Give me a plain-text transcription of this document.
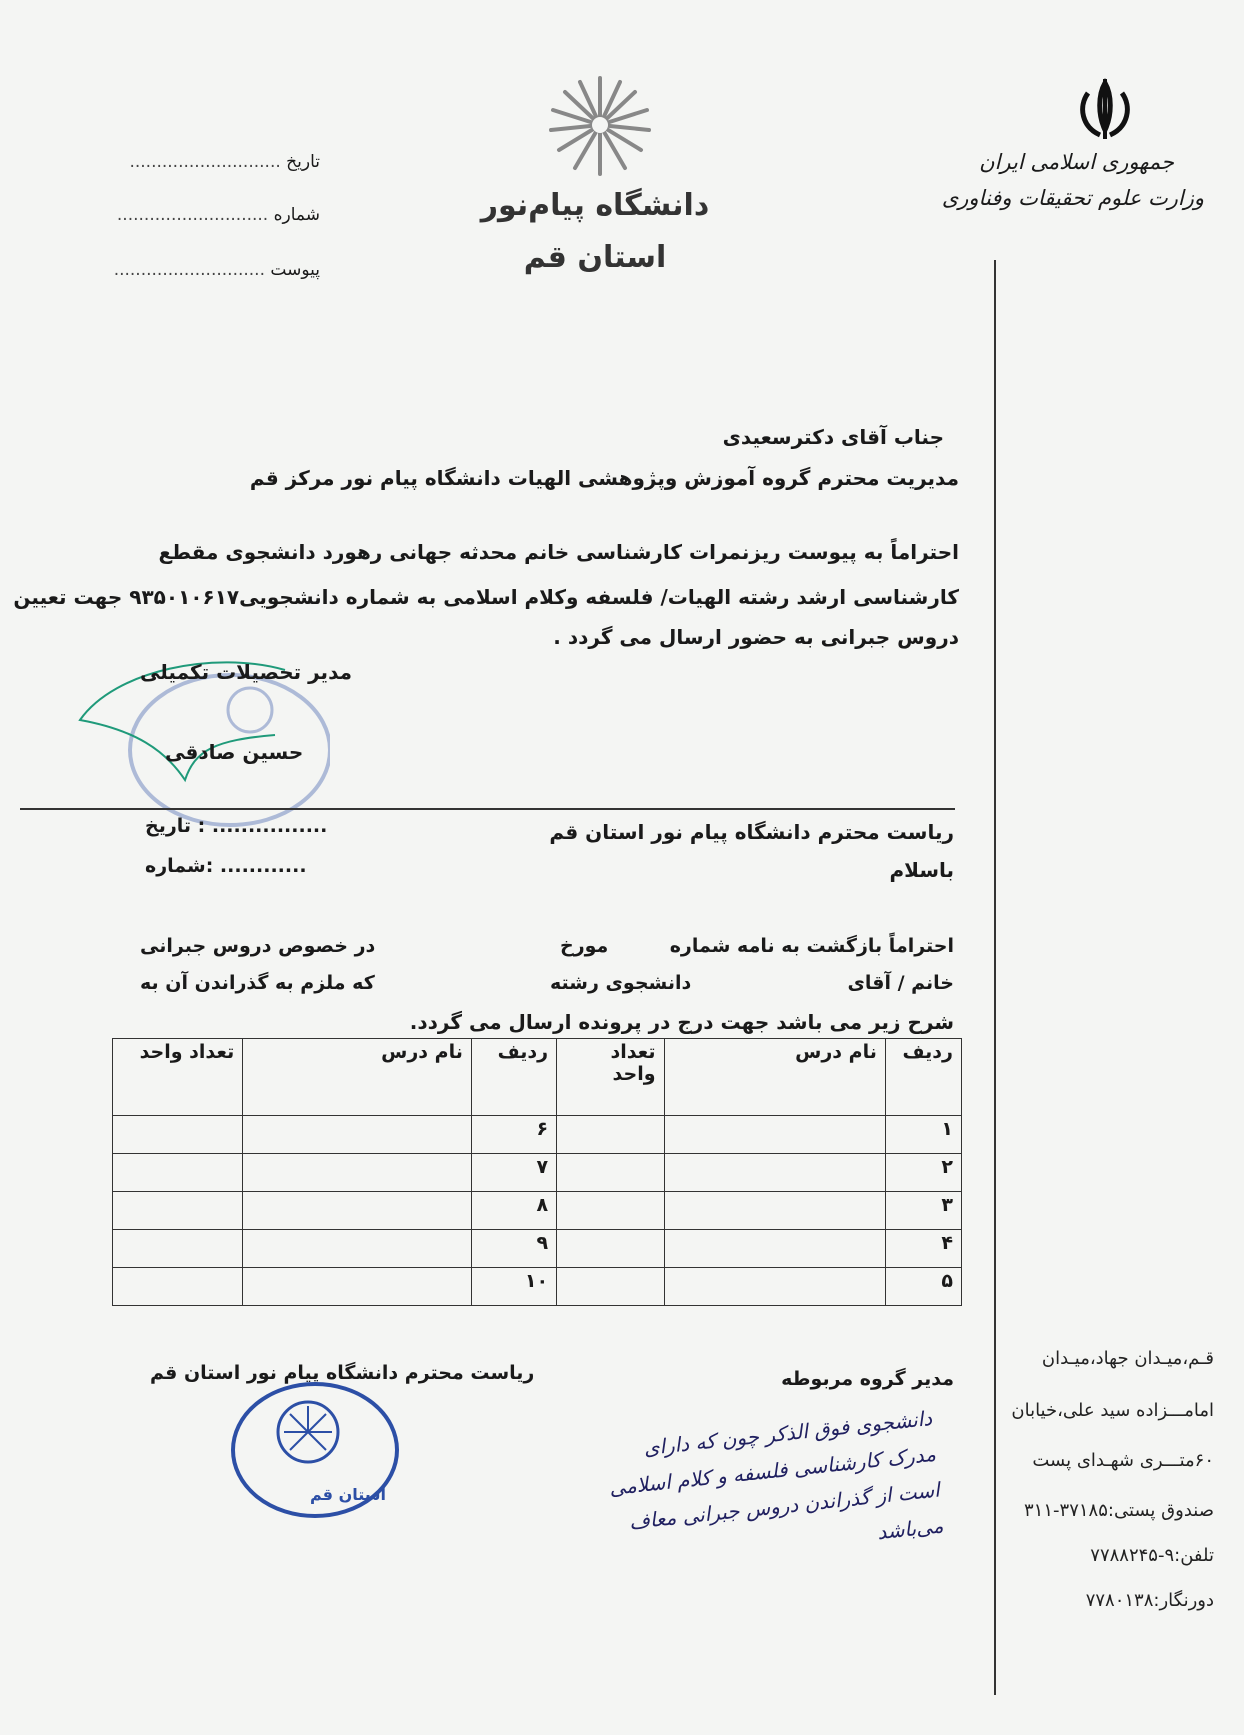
جمهوری اسلامی ایران
وزارت علوم تحقیقات وفناوری
دانشگاه پیام‌نور
استان قم
تاریخ ............................
شماره ............................
پیوست ............................
قـم،میـدان جهاد،میـدان
امامـــزاده سید علی،خیابان
۶۰متـــری شهـدای پست
صندوق پستی:۳۷۱۸۵-۳۱۱
تلفن:۹-۷۷۸۸۲۴۵
دورنگار:۷۷۸۰۱۳۸
جناب آقای دکترسعیدی
مدیریت محترم گروه آموزش وپژوهشی الهیات دانشگاه پیام نور مرکز قم
احتراماً به پیوست ریزنمرات کارشناسی خانم محدثه جهانی رهورد دانشجوی مقطع
کارشناسی ارشد رشته الهیات/ فلسفه وکلام اسلامی به شماره دانشجویی۹۳۵۰۱۰۶۱۷ جهت تعیین
دروس جبرانی به حضور ارسال می گردد .
مدیر تحصیلات تکمیلی
حسین صادقی
تاریخ : ................
شماره: ............
ریاست محترم دانشگاه پیام نور استان قم
باسلام
احتراماً بازگشت به نامه شماره
مورخ
در خصوص دروس جبرانی
خانم / آقای
دانشجوی رشته
که ملزم به گذراندن آن به
شرح زیر می باشد جهت درج در پرونده ارسال می گردد.
ردیف	نام درس	تعداد واحد	ردیف	نام درس	تعداد واحد
۱			۶		
۲			۷		
۳			۸		
۴			۹		
۵			۱۰		
مدیر گروه مربوطه
ریاست محترم دانشگاه پیام نور استان قم
استان قم
دانشجوی فوق الذکر چون که دارای مدرک کارشناسی فلسفه و کلام اسلامی است از گذراندن دروس جبرانی معاف می‌باشد
